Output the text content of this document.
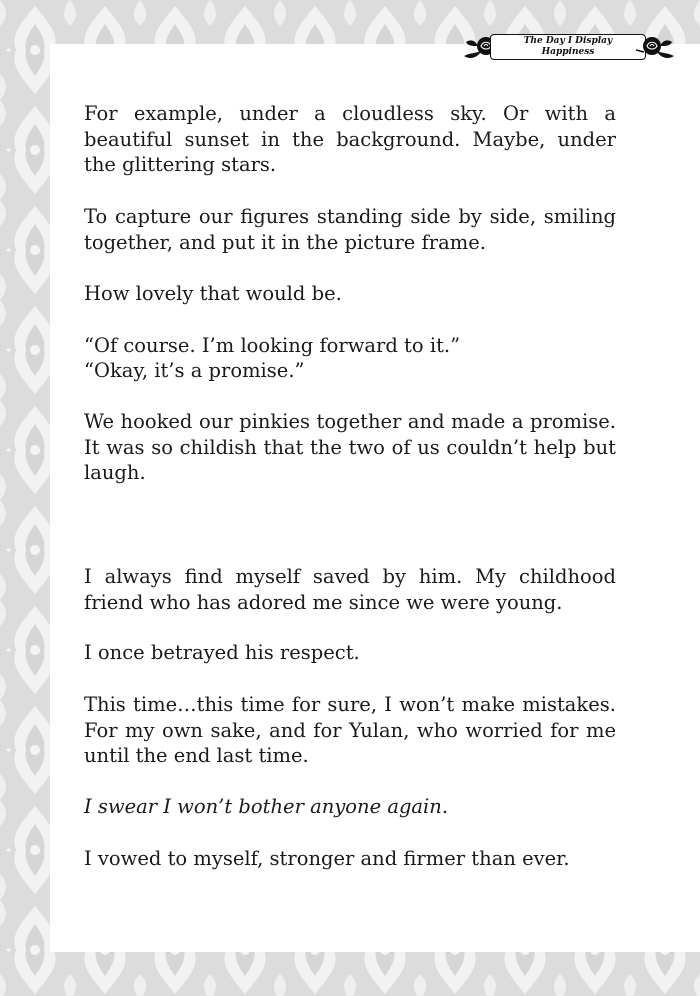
The Day I Display
Happiness

For example, under a cloudless sky. Or with a beautiful sunset in the background. Maybe, under the glittering stars.

To capture our figures standing side by side, smiling together, and put it in the picture frame.

How lovely that would be.

“Of course. I’m looking forward to it.”

“Okay, it’s a promise.”

We hooked our pinkies together and made a promise. It was so childish that the two of us couldn’t help but laugh.

I always find myself saved by him. My childhood friend who has adored me since we were young.

I once betrayed his respect.

This time…this time for sure, I won’t make mistakes. For my own sake, and for Yulan, who worried for me until the end last time.

I swear I won’t bother anyone again.

I vowed to myself, stronger and firmer than ever.
